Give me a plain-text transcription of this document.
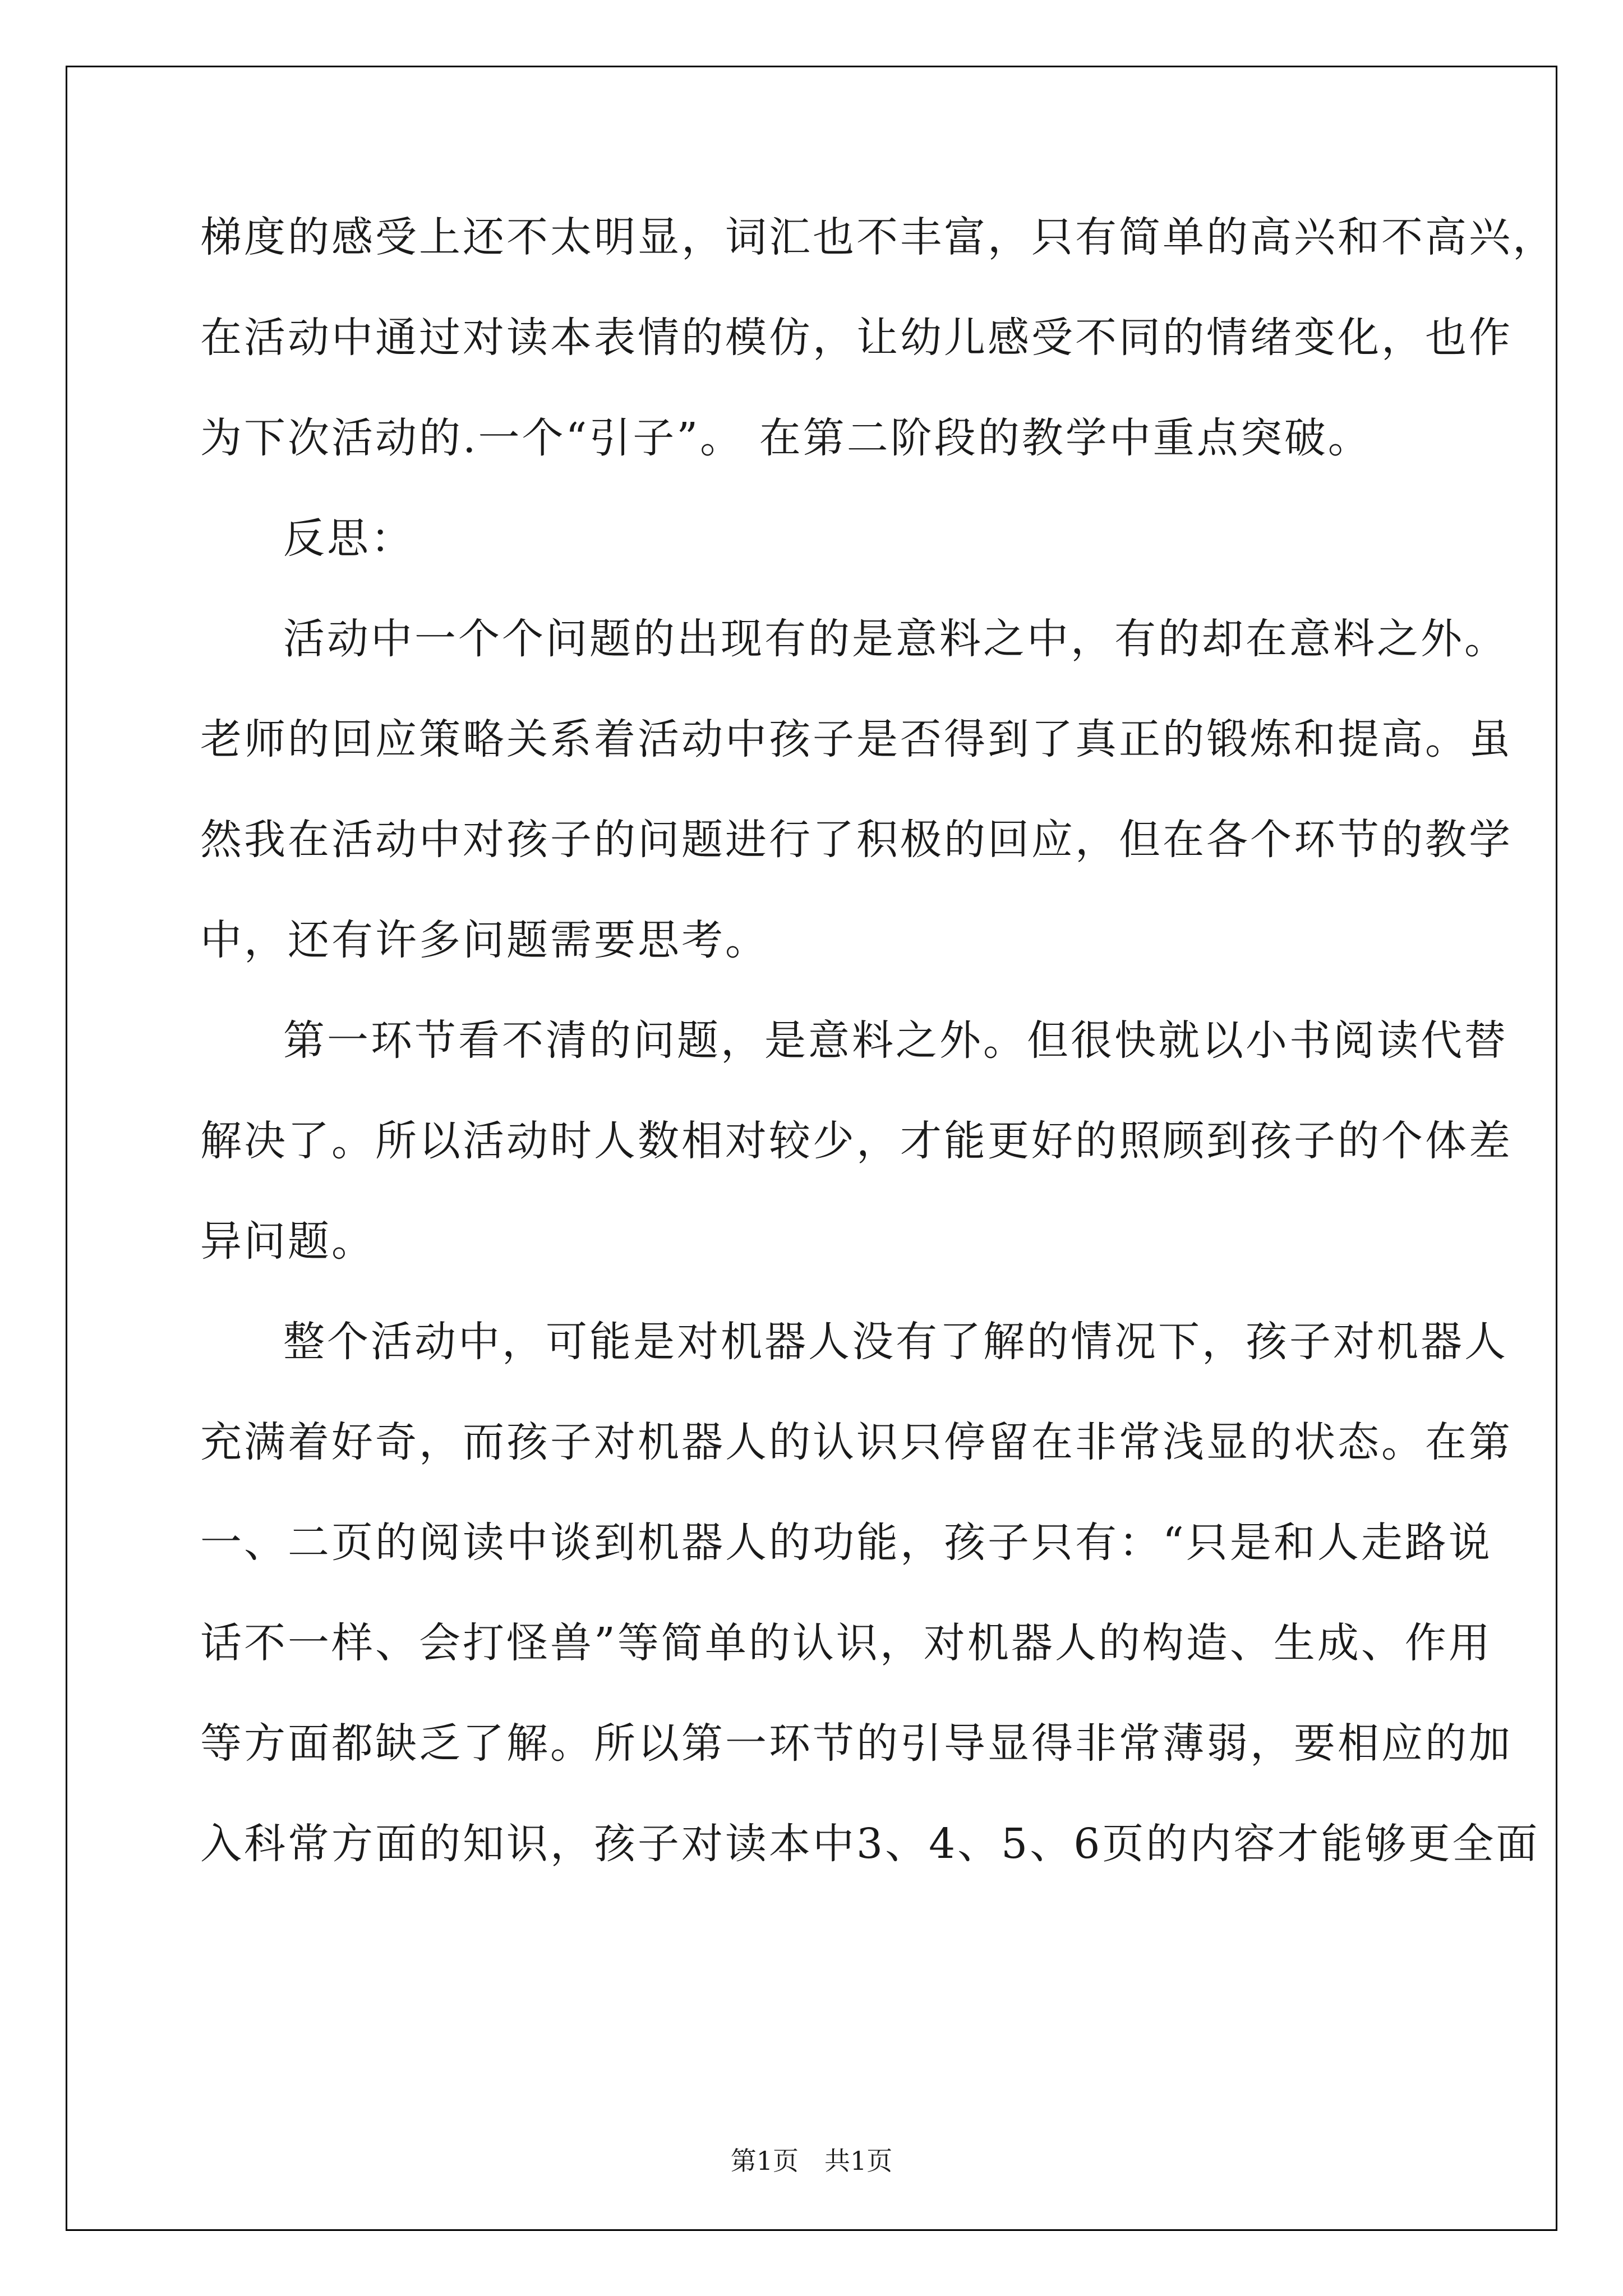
梯度的感受上还不太明显，词汇也不丰富，只有简单的高兴和不高兴，
在活动中通过对读本表情的模仿，让幼儿感受不同的情绪变化，也作
为下次活动的.一个“引子”。 在第二阶段的教学中重点突破。
反思：
活动中一个个问题的出现有的是意料之中，有的却在意料之外。
老师的回应策略关系着活动中孩子是否得到了真正的锻炼和提高。虽
然我在活动中对孩子的问题进行了积极的回应，但在各个环节的教学
中，还有许多问题需要思考。
第一环节看不清的问题，是意料之外。但很快就以小书阅读代替
解决了。所以活动时人数相对较少，才能更好的照顾到孩子的个体差
异问题。
整个活动中，可能是对机器人没有了解的情况下，孩子对机器人
充满着好奇，而孩子对机器人的认识只停留在非常浅显的状态。在第
一、二页的阅读中谈到机器人的功能，孩子只有：“只是和人走路说
话不一样、会打怪兽”等简单的认识，对机器人的构造、生成、作用
等方面都缺乏了解。所以第一环节的引导显得非常薄弱，要相应的加
入科常方面的知识，孩子对读本中3、4、5、6页的内容才能够更全面
第1页　共1页
